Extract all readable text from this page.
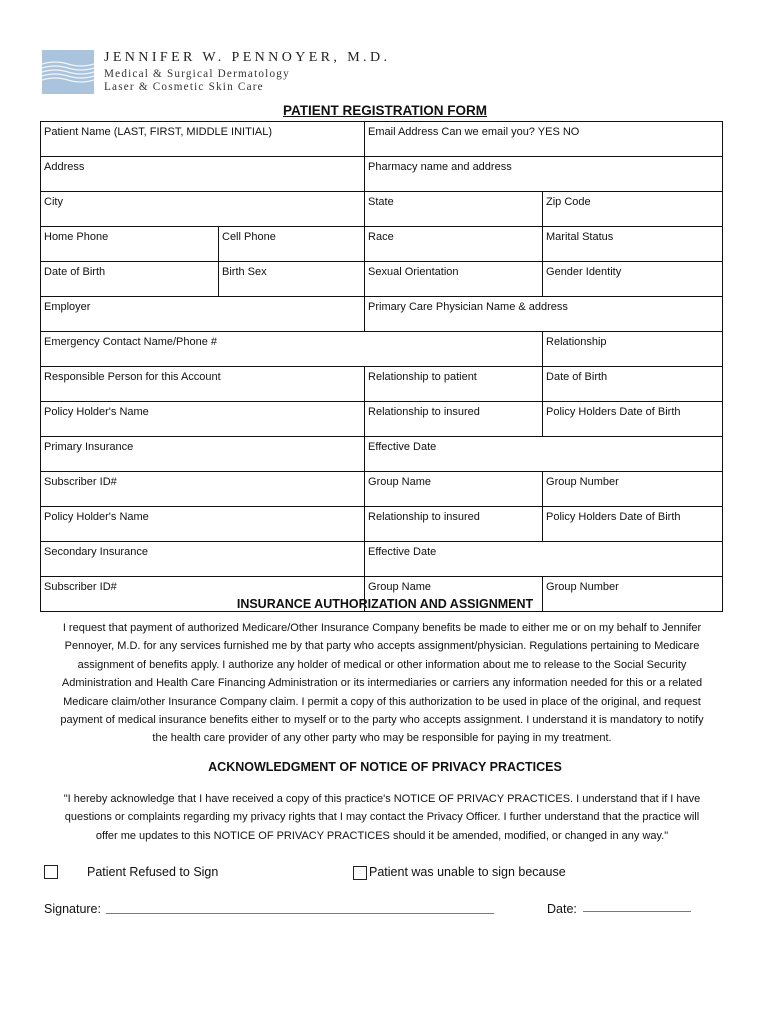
JENNIFER W. PENNOYER, M.D.
Medical & Surgical Dermatology
Laser & Cosmetic Skin Care
PATIENT REGISTRATION FORM
Patient Name (LAST, FIRST, MIDDLE INITIAL)		Email Address Can we email you? YES NO	
Address		Pharmacy name and address	
City		State	Zip Code
Home Phone	Cell Phone	Race	Marital Status
Date of Birth	Birth Sex	Sexual Orientation	Gender Identity
Employer		Primary Care Physician Name & address	
Emergency Contact Name/Phone #			Relationship
Responsible Person for this Account		Relationship to patient	Date of Birth
Policy Holder's Name		Relationship to insured	Policy Holders Date of Birth
Primary Insurance		Effective Date	
Subscriber ID#		Group Name	Group Number
Policy Holder's Name		Relationship to insured	Policy Holders Date of Birth
Secondary Insurance		Effective Date	
Subscriber ID#		Group Name	Group Number
INSURANCE AUTHORIZATION AND ASSIGNMENT
I request that payment of authorized Medicare/Other Insurance Company benefits be made to either me or on my behalf to Jennifer
Pennoyer, M.D. for any services furnished me by that party who accepts assignment/physician. Regulations pertaining to Medicare
assignment of benefits apply. I authorize any holder of medical or other information about me to release to the Social Security
Administration and Health Care Financing Administration or its intermediaries or carriers any information needed for this or a related
Medicare claim/other Insurance Company claim. I permit a copy of this authorization to be used in place of the original, and request
payment of medical insurance benefits either to myself or to the party who accepts assignment. I understand it is mandatory to notify
the health care provider of any other party who may be responsible for paying in my treatment.
ACKNOWLEDGMENT OF NOTICE OF PRIVACY PRACTICES
"I hereby acknowledge that I have received a copy of this practice's NOTICE OF PRIVACY PRACTICES. I understand that if I have
questions or complaints regarding my privacy rights that I may contact the Privacy Officer. I further understand that the practice will
offer me updates to this NOTICE OF PRIVACY PRACTICES should it be amended, modified, or changed in any way."
Patient Refused to Sign	Patient was unable to sign because
Signature:	Date:
